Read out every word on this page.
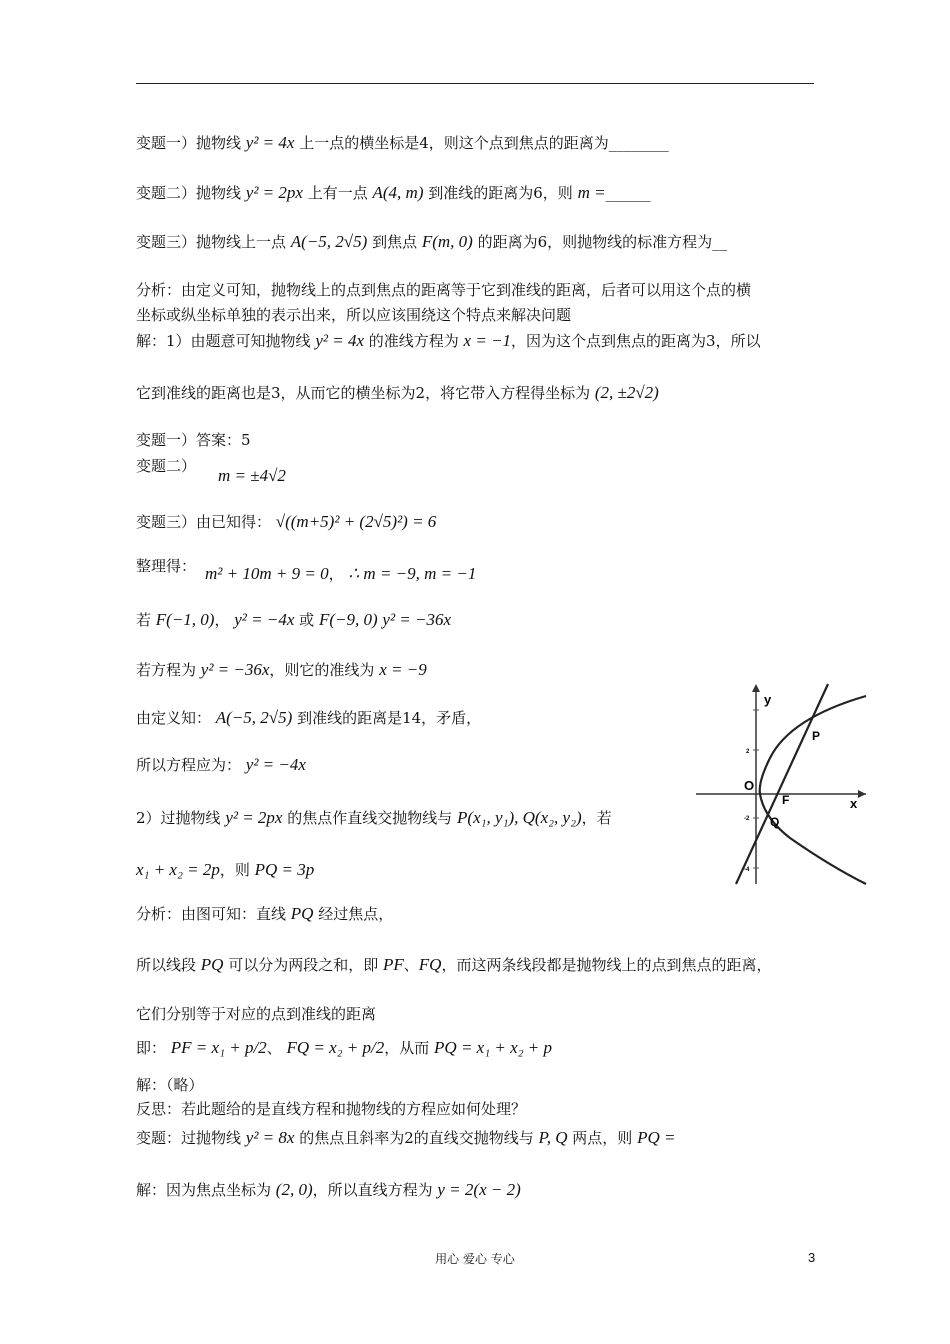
变题一）抛物线 y² = 4x 上一点的横坐标是4，则这个点到焦点的距离为________
变题二）抛物线 y² = 2px 上有一点 A(4, m) 到准线的距离为6，则 m =______
变题三）抛物线上一点 A(−5, 2√5) 到焦点 F(m, 0) 的距离为6，则抛物线的标准方程为__
分析：由定义可知，抛物线上的点到焦点的距离等于它到准线的距离，后者可以用这个点的横
坐标或纵坐标单独的表示出来，所以应该围绕这个特点来解决问题
解：1）由题意可知抛物线 y² = 4x 的准线方程为 x = −1，因为这个点到焦点的距离为3，所以
它到准线的距离也是3，从而它的横坐标为2，将它带入方程得坐标为 (2, ±2√2)
变题一）答案：5
变题二） m = ±4√2
变题三）由已知得： √((m+5)² + (2√5)²) = 6
整理得： m² + 10m + 9 = 0， ∴ m = −9, m = −1
若 F(−1, 0)， y² = −4x 或 F(−9, 0) y² = −36x
若方程为 y² = −36x，则它的准线为 x = −9
由定义知： A(−5, 2√5) 到准线的距离是14，矛盾，
所以方程应为： y² = −4x
2）过抛物线 y² = 2px 的焦点作直线交抛物线与 P(x₁, y₁), Q(x₂, y₂)，若
x₁ + x₂ = 2p，则 PQ = 3p
分析：由图可知：直线 PQ 经过焦点，
所以线段 PQ 可以分为两段之和，即 PF、FQ，而这两条线段都是抛物线上的点到焦点的距离，
它们分别等于对应的点到准线的距离
即： PF = x₁ + p/2、 FQ = x₂ + p/2，从而 PQ = x₁ + x₂ + p
解：（略）
反思：若此题给的是直线方程和抛物线的方程应如何处理？
变题：过抛物线 y² = 8x 的焦点且斜率为2的直线交抛物线与 P, Q 两点，则 PQ =
解：因为焦点坐标为 (2, 0)，所以直线方程为 y = 2(x − 2)
y
x
O
F
P
Q
2
-2
-4
用心 爱心 专心	3
